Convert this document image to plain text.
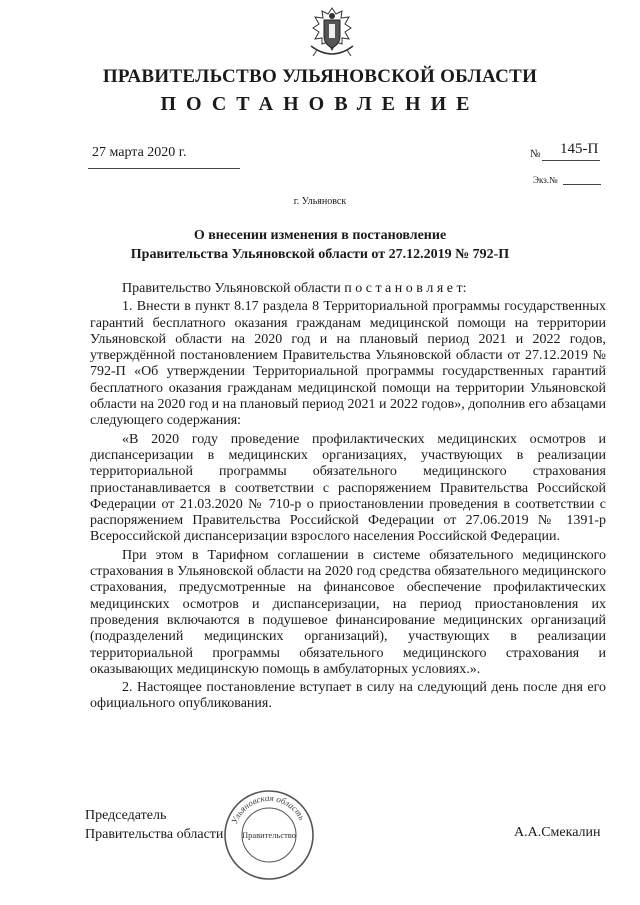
ПРАВИТЕЛЬСТВО УЛЬЯНОВСКОЙ ОБЛАСТИ
ПОСТАНОВЛЕНИЕ
27 марта 2020 г.	№ 145-П
Экз.№
г. Ульяновск
О внесении изменения в постановление
Правительства Ульяновской области от 27.12.2019 № 792-П

Правительство Ульяновской области п о с т а н о в л я е т:

1. Внести в пункт 8.17 раздела 8 Территориальной программы государственных гарантий бесплатного оказания гражданам медицинской помощи на территории Ульяновской области на 2020 год и на плановый период 2021 и 2022 годов, утверждённой постановлением Правительства Ульяновской области от 27.12.2019 № 792-П «Об утверждении Территориальной программы государственных гарантий бесплатного оказания гражданам медицинской помощи на территории Ульяновской области на 2020 год и на плановый период 2021 и 2022 годов», дополнив его абзацами следующего содержания:

«В 2020 году проведение профилактических медицинских осмотров и диспансеризации в медицинских организациях, участвующих в реализации территориальной программы обязательного медицинского страхования приостанавливается в соответствии с распоряжением Правительства Российской Федерации от 21.03.2020 № 710-р о приостановлении проведения в соответствии с распоряжением Правительства Российской Федерации от 27.06.2019 № 1391-р Всероссийской диспансеризации взрослого населения Российской Федерации.

При этом в Тарифном соглашении в системе обязательного медицинского страхования в Ульяновской области на 2020 год средства обязательного медицинского страхования, предусмотренные на финансовое обеспечение профилактических медицинских осмотров и диспансеризации, на период приостановления их проведения включаются в подушевое финансирование медицинских организаций (подразделений медицинских организаций), участвующих в реализации территориальной программы обязательного медицинского страхования и оказывающих медицинскую помощь в амбулаторных условиях.».

2. Настоящее постановление вступает в силу на следующий день после дня его официального опубликования.

Председатель
Правительства области	А.А.Смекалин
Ульяновская область
Правительство
